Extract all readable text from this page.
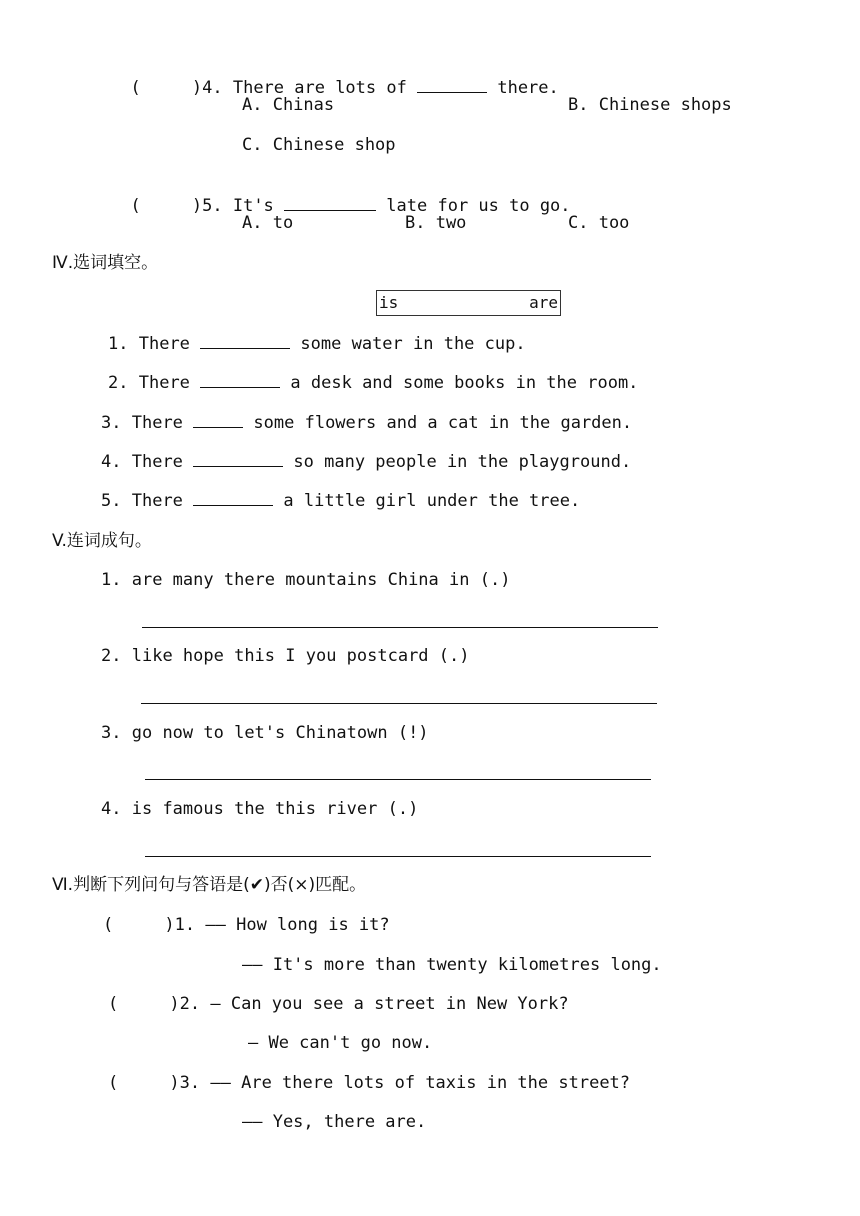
(     )4. There are lots of	there.

A. Chinas	B. Chinese shops
C. Chinese shop

(     )5. It's	late for us to go.

A. to	B. two	C. too
Ⅳ.选词填空。
is	are
1. There	some water in the cup.
2. There	a desk and some books in the room.
3. There	some flowers and a cat in the garden.
4. There	so many people in the playground.
5. There	a little girl under the tree.
V.连词成句。
1. are many there mountains China in (.)
2. like hope this I you postcard (.)
3. go now to let's Chinatown (!)
4. is famous the this river (.)
Ⅵ.判断下列问句与答语是(✔)否(×)匹配。
(     )1. —— How long is it?
—— It's more than twenty kilometres long.
(     )2. — Can you see a street in New York?
— We can't go now.
(     )3. —— Are there lots of taxis in the street?
—— Yes, there are.
